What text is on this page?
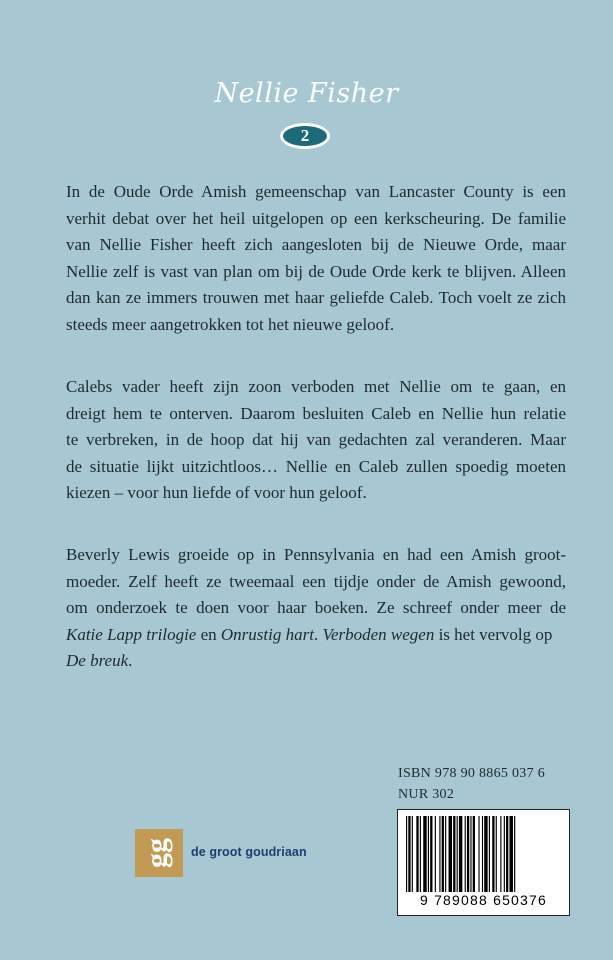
Nellie Fisher
2

In de Oude Orde Amish gemeenschap van Lancaster County is een
verhit debat over het heil uitgelopen op een kerkscheuring. De familie
van Nellie Fisher heeft zich aangesloten bij de Nieuwe Orde, maar
Nellie zelf is vast van plan om bij de Oude Orde kerk te blijven. Alleen
dan kan ze immers trouwen met haar geliefde Caleb. Toch voelt ze zich
steeds meer aangetrokken tot het nieuwe geloof.

Calebs vader heeft zijn zoon verboden met Nellie om te gaan, en
dreigt hem te onterven. Daarom besluiten Caleb en Nellie hun relatie
te verbreken, in de hoop dat hij van gedachten zal veranderen. Maar
de situatie lijkt uitzichtloos… Nellie en Caleb zullen spoedig moeten
kiezen – voor hun liefde of voor hun geloof.

Beverly Lewis groeide op in Pennsylvania en had een Amish groot-
moeder. Zelf heeft ze tweemaal een tijdje onder de Amish gewoond,
om onderzoek te doen voor haar boeken. Ze schreef onder meer de
Katie Lapp trilogie en Onrustig hart. Verboden wegen is het vervolg op
De breuk.

ISBN 978 90 8865 037 6
NUR 302
9 789088 650376
gg de groot goudriaan
